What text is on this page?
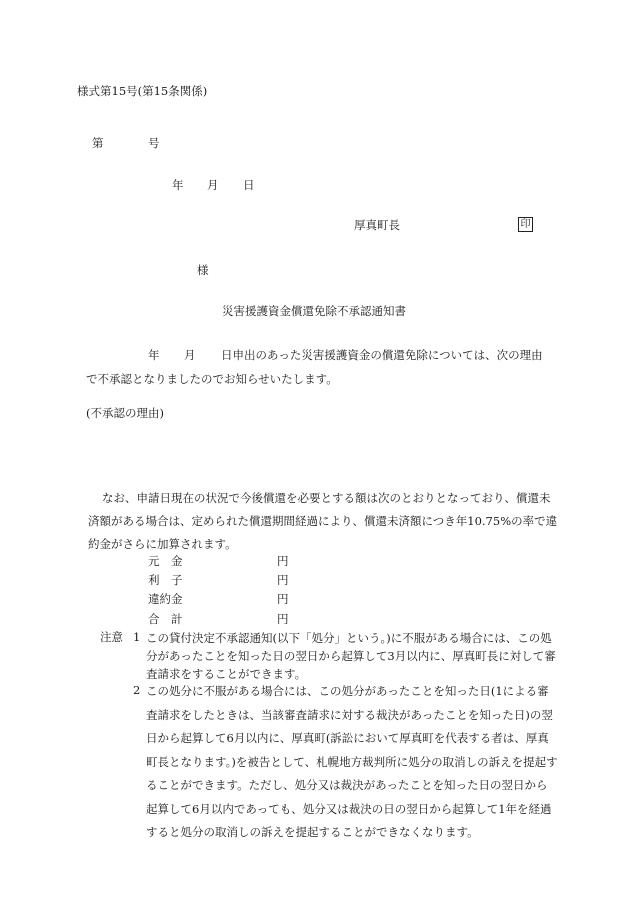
様式第15号(第15条関係)
第	号
年 月 日
厚真町長	印
様
災害援護資金償還免除不承認通知書
年 月 日申出のあった災害援護資金の償還免除については、次の理由
で不承認となりましたのでお知らせいたします。
(不承認の理由)
なお、申請日現在の状況で今後償還を必要とする額は次のとおりとなっており、償還未済額がある場合は、定められた償還期間経過により、償還未済額につき年10.75%の率で違約金がさらに加算されます。
元　金	円
利　子	円
違約金	円
合　計	円
注意 1 この貸付決定不承認通知(以下「処分」という。)に不服がある場合には、この処分があったことを知った日の翌日から起算して3月以内に、厚真町長に対して審査請求をすることができます。
2 この処分に不服がある場合には、この処分があったことを知った日(1による審査請求をしたときは、当該審査請求に対する裁決があったことを知った日)の翌日から起算して6月以内に、厚真町(訴訟において厚真町を代表する者は、厚真町長となります。)を被告として、札幌地方裁判所に処分の取消しの訴えを提起することができます。ただし、処分又は裁決があったことを知った日の翌日から起算して6月以内であっても、処分又は裁決の日の翌日から起算して1年を経過すると処分の取消しの訴えを提起することができなくなります。
